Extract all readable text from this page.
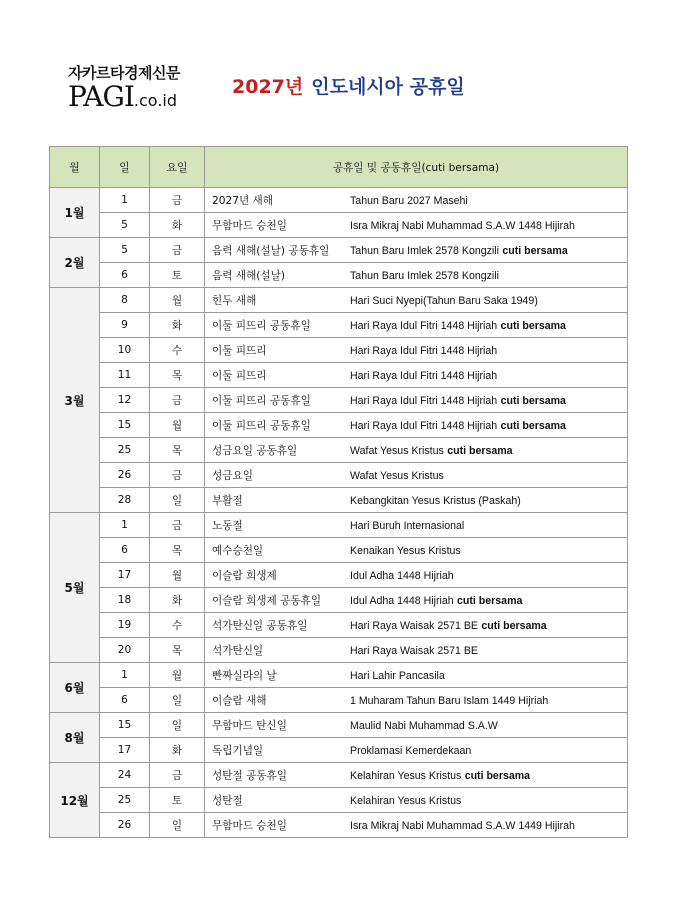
자카르타경제신문
PAGI.co.id
2027년 인도네시아 공휴일
월	일	요일	공휴일 및 공동휴일(cuti bersama)
1월	1	금	2027년 새해 Tahun Baru 2027 Masehi
	5	화	무함마드 승천일 Isra Mikraj Nabi Muhammad S.A.W 1448 Hijirah
2월	5	금	음력 새해(설날) 공동휴일 Tahun Baru Imlek 2578 Kongzili cuti bersama
	6	토	음력 새해(설날) Tahun Baru Imlek 2578 Kongzili
3월	8	월	힌두 새해 Hari Suci Nyepi(Tahun Baru Saka 1949)
	9	화	이둘 피뜨리 공동휴일 Hari Raya Idul Fitri 1448 Hijriah cuti bersama
	10	수	이둘 피뜨리 Hari Raya Idul Fitri 1448 Hijriah
	11	목	이둘 피뜨리 Hari Raya Idul Fitri 1448 Hijriah
	12	금	이둘 피뜨리 공동휴일 Hari Raya Idul Fitri 1448 Hijriah cuti bersama
	15	월	이둘 피뜨리 공동휴일 Hari Raya Idul Fitri 1448 Hijriah cuti bersama
	25	목	성금요일 공동휴일 Wafat Yesus Kristus cuti bersama
	26	금	성금요일 Wafat Yesus Kristus
	28	일	부활절 Kebangkitan Yesus Kristus (Paskah)
5월	1	금	노동절 Hari Buruh Internasional
	6	목	예수승천일 Kenaikan Yesus Kristus
	17	월	이슬람 희생제 Idul Adha 1448 Hijriah
	18	화	이슬람 희생제 공동휴일 Idul Adha 1448 Hijriah cuti bersama
	19	수	석가탄신일 공동휴일 Hari Raya Waisak 2571 BE cuti bersama
	20	목	석가탄신일 Hari Raya Waisak 2571 BE
6월	1	월	빤짜실라의 날 Hari Lahir Pancasila
	6	일	이슬람 새해 1 Muharam Tahun Baru Islam 1449 Hijriah
8월	15	일	무함마드 탄신일 Maulid Nabi Muhammad S.A.W
	17	화	독립기념일 Proklamasi Kemerdekaan
12월	24	금	성탄절 공동휴일 Kelahiran Yesus Kristus cuti bersama
	25	토	성탄절 Kelahiran Yesus Kristus
	26	일	무함마드 승천일 Isra Mikraj Nabi Muhammad S.A.W 1449 Hijirah
